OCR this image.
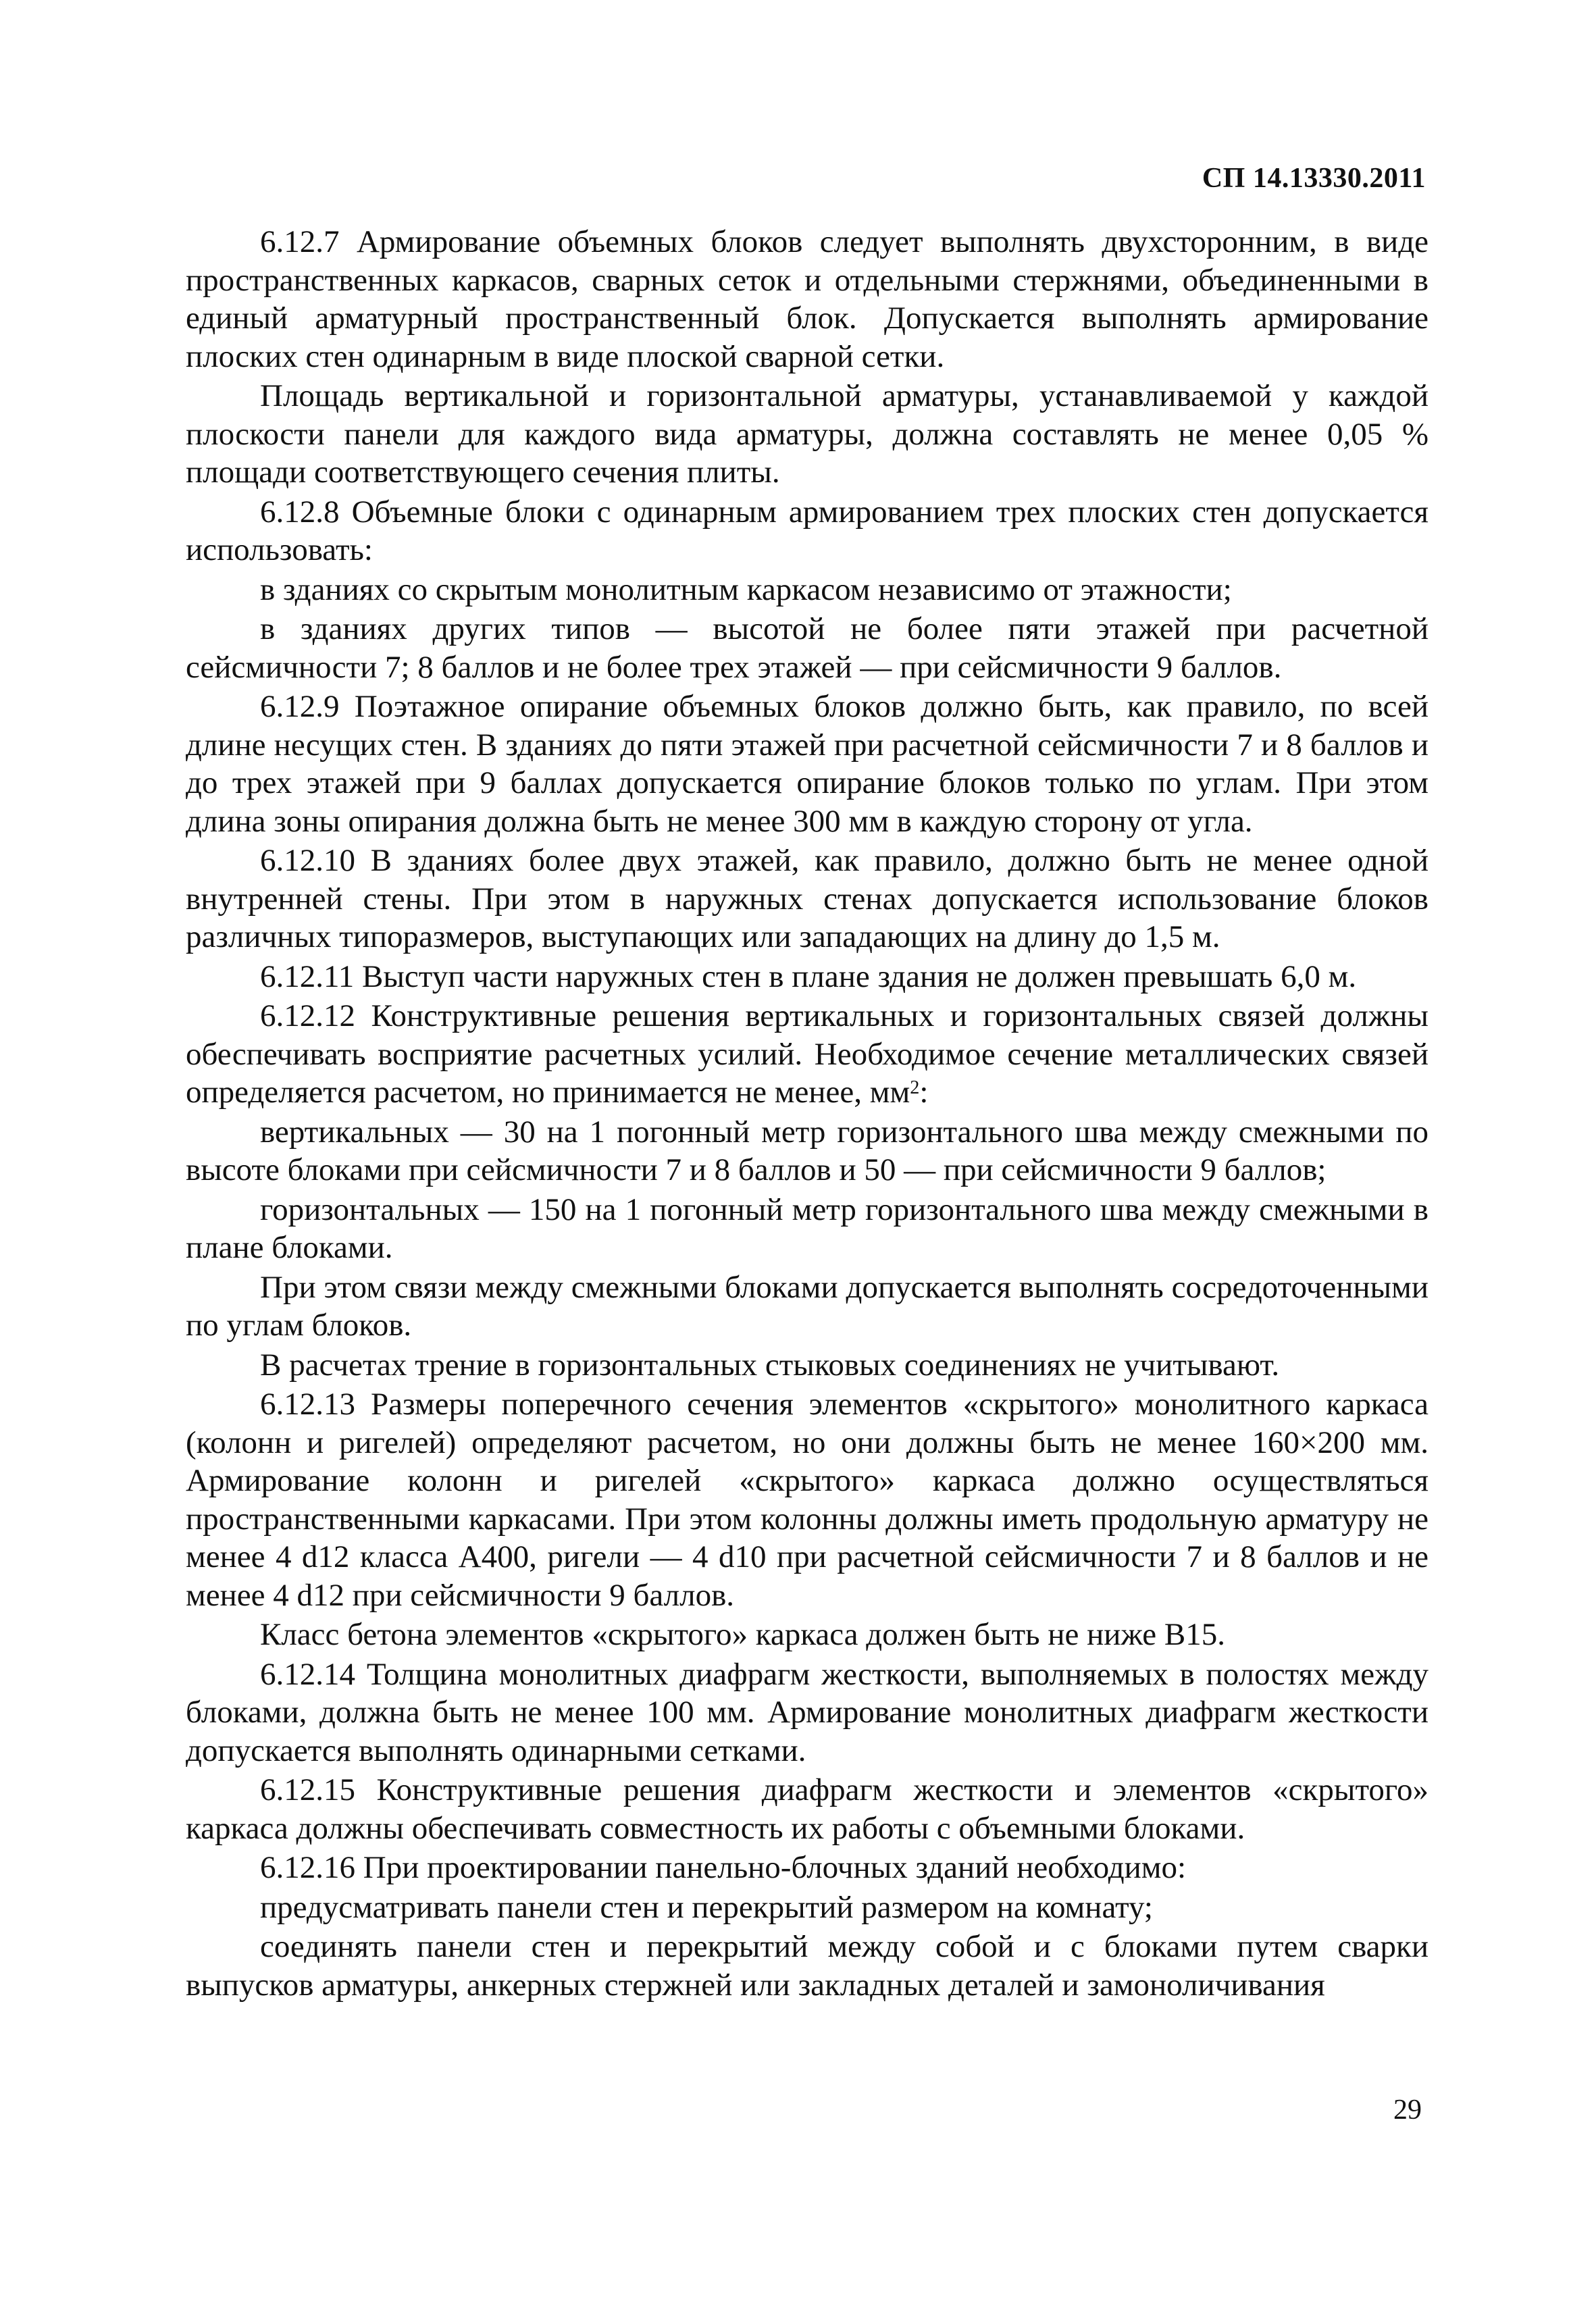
СП 14.13330.2011

6.12.7 Армирование объемных блоков следует выполнять двухсторонним, в виде пространственных каркасов, сварных сеток и отдельными стержнями, объединенными в единый арматурный пространственный блок. Допускается выполнять армирование плоских стен одинарным в виде плоской сварной сетки.

Площадь вертикальной и горизонтальной арматуры, устанавливаемой у каждой плоскости панели для каждого вида арматуры, должна составлять не менее 0,05 % площади соответствующего сечения плиты.

6.12.8 Объемные блоки с одинарным армированием трех плоских стен допускается использовать:

в зданиях со скрытым монолитным каркасом независимо от этажности;

в зданиях других типов — высотой не более пяти этажей при расчетной сейсмичности 7; 8 баллов и не более трех этажей — при сейсмичности 9 баллов.

6.12.9 Поэтажное опирание объемных блоков должно быть, как правило, по всей длине несущих стен. В зданиях до пяти этажей при расчетной сейсмичности 7 и 8 баллов и до трех этажей при 9 баллах допускается опирание блоков только по углам. При этом длина зоны опирания должна быть не менее 300 мм в каждую сторону от угла.

6.12.10 В зданиях более двух этажей, как правило, должно быть не менее одной внутренней стены. При этом в наружных стенах допускается использование блоков различных типоразмеров, выступающих или западающих на длину до 1,5 м.

6.12.11 Выступ части наружных стен в плане здания не должен превышать 6,0 м.

6.12.12 Конструктивные решения вертикальных и горизонтальных связей должны обеспечивать восприятие расчетных усилий. Необходимое сечение металлических связей определяется расчетом, но принимается не менее, $мм^2$:

вертикальных — 30 на 1 погонный метр горизонтального шва между смежными по высоте блоками при сейсмичности 7 и 8 баллов и 50 — при сейсмичности 9 баллов;

горизонтальных — 150 на 1 погонный метр горизонтального шва между смежными в плане блоками.

При этом связи между смежными блоками допускается выполнять сосредоточенными по углам блоков.

В расчетах трение в горизонтальных стыковых соединениях не учитывают.

6.12.13 Размеры поперечного сечения элементов «скрытого» монолитного каркаса (колонн и ригелей) определяют расчетом, но они должны быть не менее 160×200 мм. Армирование колонн и ригелей «скрытого» каркаса должно осуществляться пространственными каркасами. При этом колонны должны иметь продольную арматуру не менее 4 d12 класса А400, ригели — 4 d10 при расчетной сейсмичности 7 и 8 баллов и не менее 4 d12 при сейсмичности 9 баллов.

Класс бетона элементов «скрытого» каркаса должен быть не ниже В15.

6.12.14 Толщина монолитных диафрагм жесткости, выполняемых в полостях между блоками, должна быть не менее 100 мм. Армирование монолитных диафрагм жесткости допускается выполнять одинарными сетками.

6.12.15 Конструктивные решения диафрагм жесткости и элементов «скрытого» каркаса должны обеспечивать совместность их работы с объемными блоками.

6.12.16 При проектировании панельно-блочных зданий необходимо:

предусматривать панели стен и перекрытий размером на комнату;

соединять панели стен и перекрытий между собой и с блоками путем сварки выпусков арматуры, анкерных стержней или закладных деталей и замоноличивания

29
